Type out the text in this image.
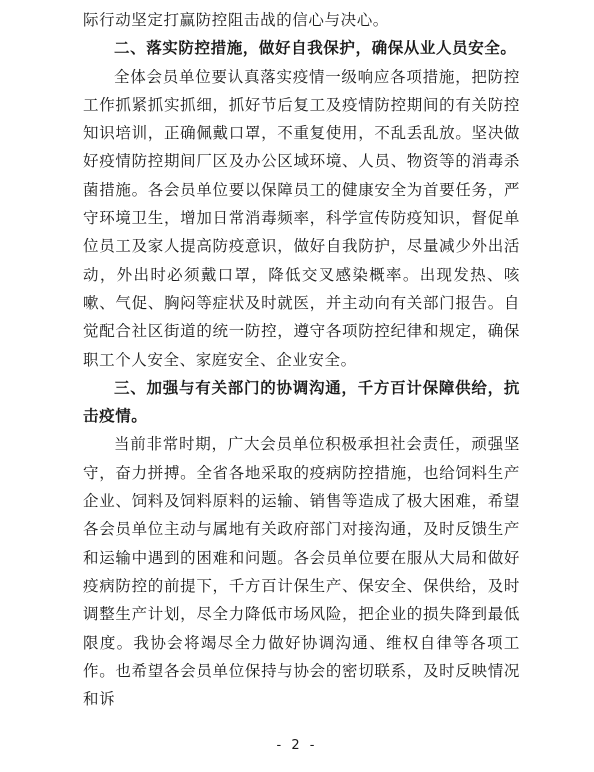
际行动坚定打赢防控阻击战的信心与决心。

二、落实防控措施，做好自我保护，确保从业人员安全。

全体会员单位要认真落实疫情一级响应各项措施，把防控工作抓紧抓实抓细，抓好节后复工及疫情防控期间的有关防控知识培训，正确佩戴口罩，不重复使用，不乱丢乱放。坚决做好疫情防控期间厂区及办公区域环境、人员、物资等的消毒杀菌措施。各会员单位要以保障员工的健康安全为首要任务，严守环境卫生，增加日常消毒频率，科学宣传防疫知识，督促单位员工及家人提高防疫意识，做好自我防护，尽量减少外出活动，外出时必须戴口罩，降低交叉感染概率。出现发热、咳嗽、气促、胸闷等症状及时就医，并主动向有关部门报告。自觉配合社区街道的统一防控，遵守各项防控纪律和规定，确保职工个人安全、家庭安全、企业安全。

三、加强与有关部门的协调沟通，千方百计保障供给，抗击疫情。

当前非常时期，广大会员单位积极承担社会责任，顽强坚守，奋力拼搏。全省各地采取的疫病防控措施，也给饲料生产企业、饲料及饲料原料的运输、销售等造成了极大困难，希望各会员单位主动与属地有关政府部门对接沟通，及时反馈生产和运输中遇到的困难和问题。各会员单位要在服从大局和做好疫病防控的前提下，千方百计保生产、保安全、保供给，及时调整生产计划，尽全力降低市场风险，把企业的损失降到最低限度。我协会将竭尽全力做好协调沟通、维权自律等各项工作。也希望各会员单位保持与协会的密切联系，及时反映情况和诉

- 2 -
